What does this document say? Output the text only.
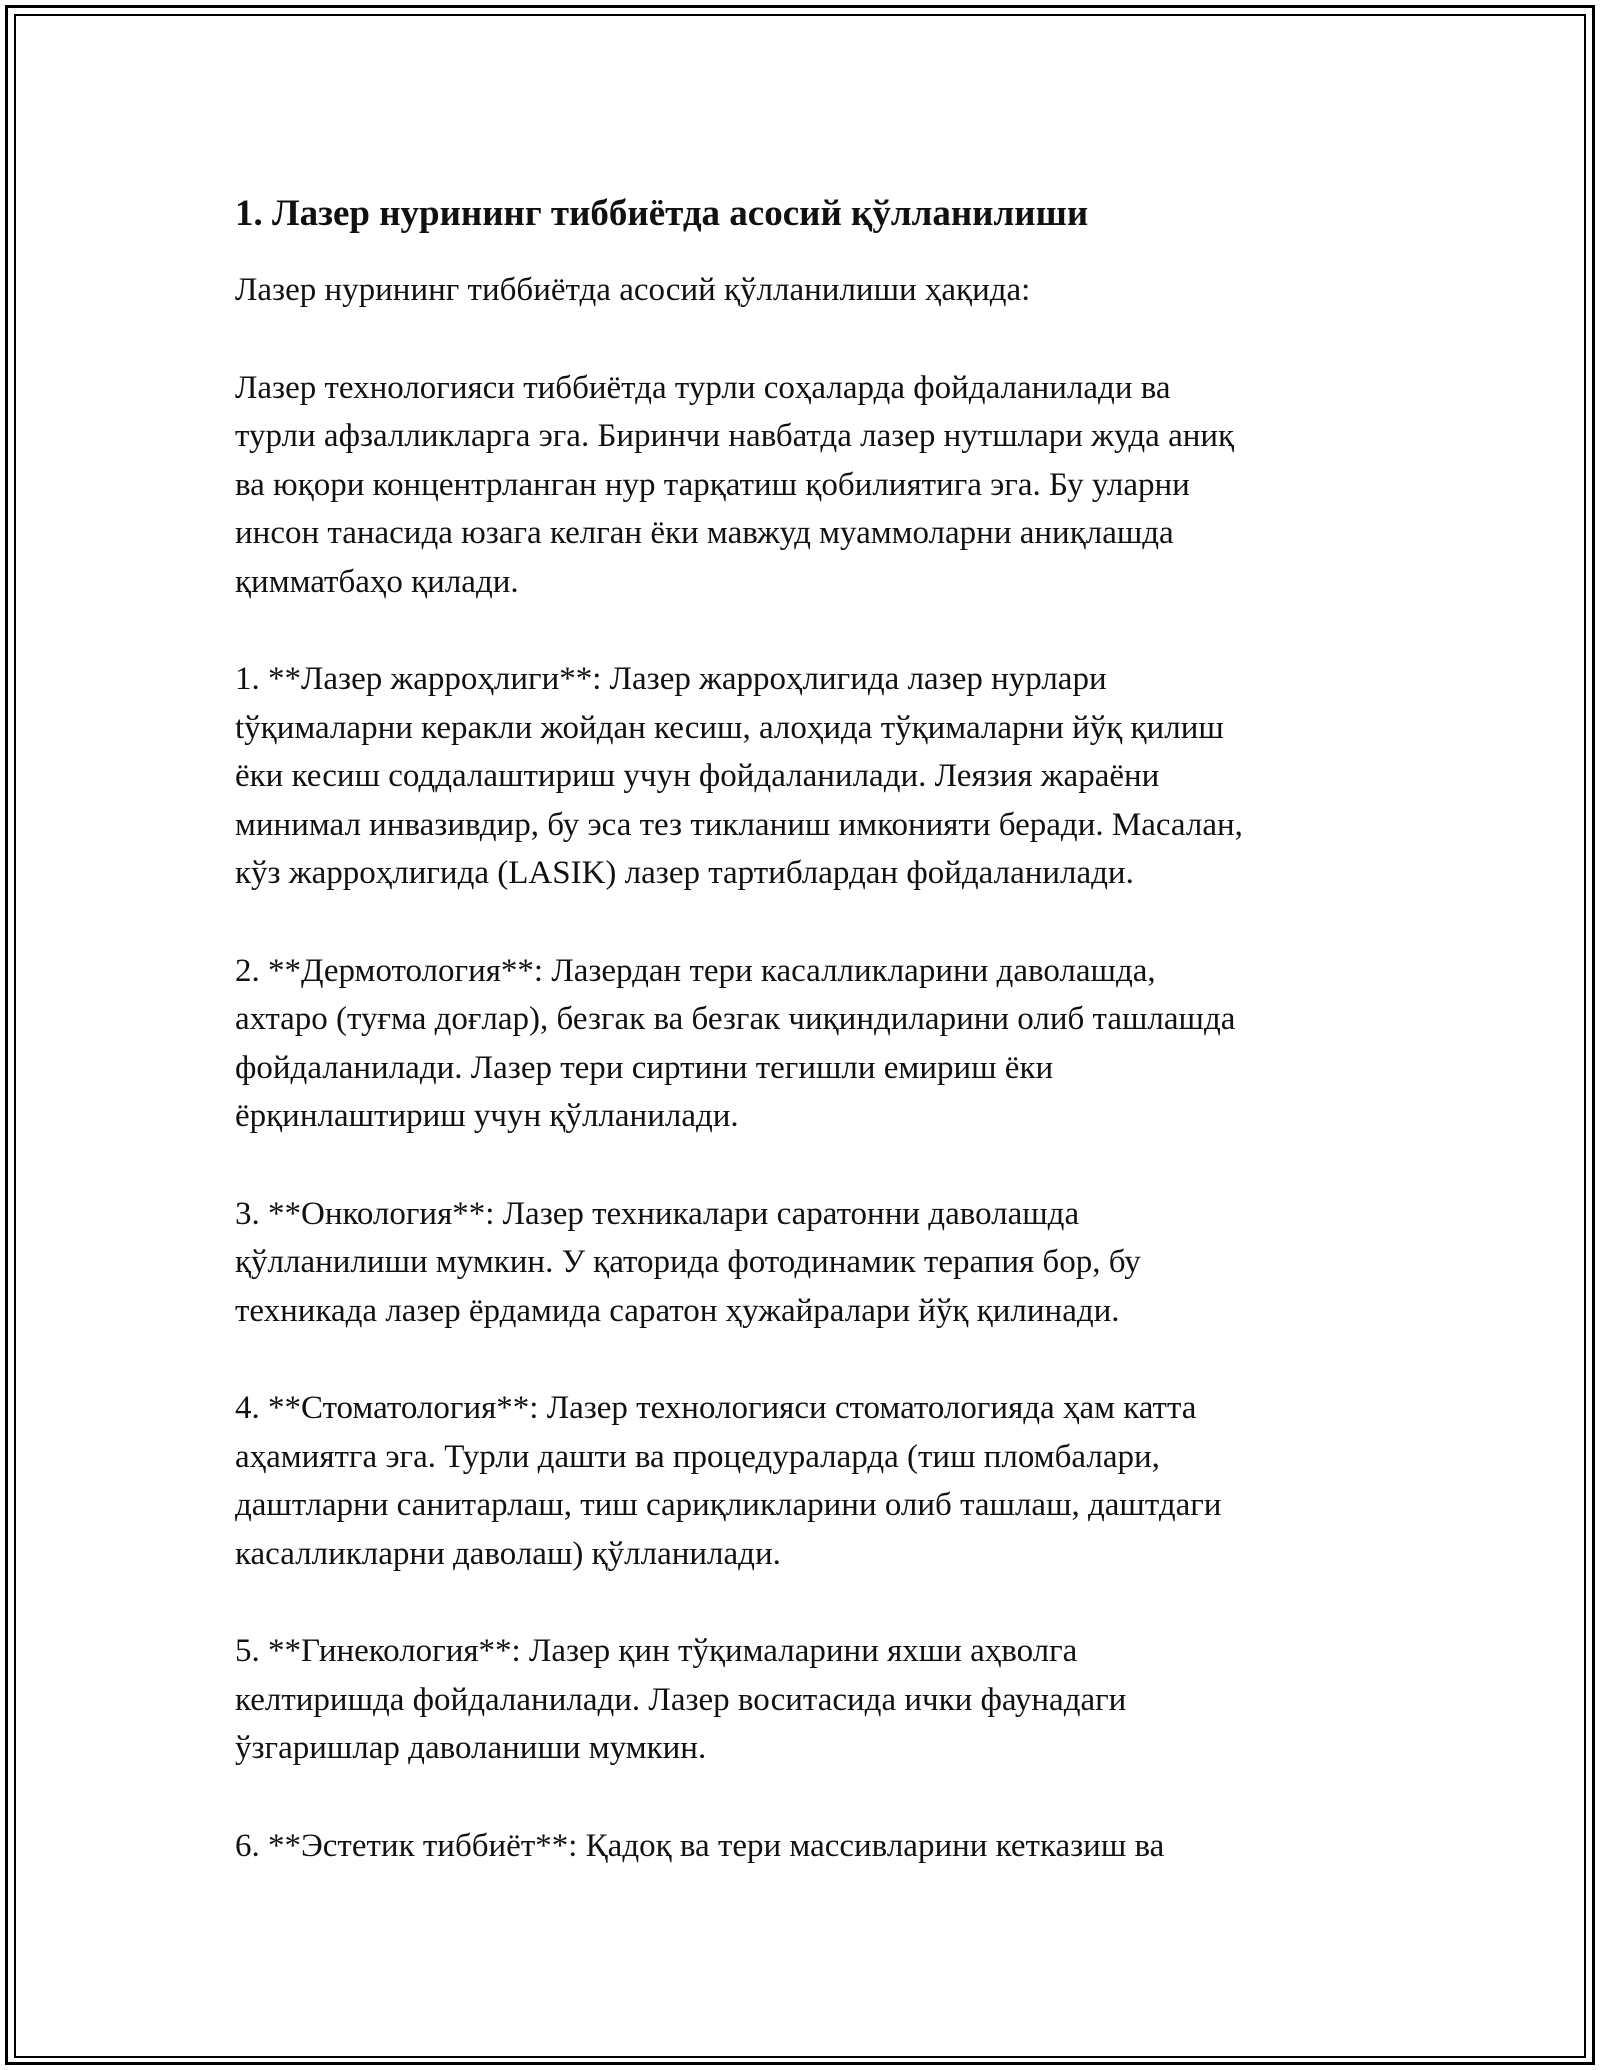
1. Лазер нурининг тиббиётда асосий қўлланилиши
Лазер нурининг тиббиётда асосий қўлланилиши ҳақида:
Лазер технологияси тиббиётда турли соҳаларда фойдаланилади ва
турли афзалликларга эга. Биринчи навбатда лазер нутшлари жуда аниқ
ва юқори концентрланган нур тарқатиш қобилиятига эга. Бу уларни
инсон танасида юзага келган ёки мавжуд муаммоларни аниқлашда
қимматбаҳо қилади.
1. **Лазер жарроҳлиги**: Лазер жарроҳлигида лазер нурлари
tўқималарни керакли жойдан кесиш, алоҳида тўқималарни йўқ қилиш
ёки кесиш соддалаштириш учун фойдаланилади. Леязия жараёни
минимал инвазивдир, бу эса тез тикланиш имконияти беради. Масалан,
кўз жарроҳлигида (LASIK) лазер тартиблардан фойдаланилади.
2. **Дермотология**: Лазердан тери касалликларини даволашда,
ахтаро (туғма доғлар), безгак ва безгак чиқиндиларини олиб ташлашда
фойдаланилади. Лазер тери сиртини тегишли емириш ёки
ёрқинлаштириш учун қўлланилади.
3. **Онкология**: Лазер техникалари саратонни даволашда
қўлланилиши мумкин. У қаторида фотодинамик терапия бор, бу
техникада лазер ёрдамида саратон ҳужайралари йўқ қилинади.
4. **Стоматология**: Лазер технологияси стоматологияда ҳам катта
аҳамиятга эга. Турли дашти ва процедураларда (тиш пломбалари,
даштларни санитарлаш, тиш сариқликларини олиб ташлаш, даштдаги
касалликларни даволаш) қўлланилади.
5. **Гинекология**: Лазер қин тўқималарини яхши аҳволга
келтиришда фойдаланилади. Лазер воситасида ички фаунадаги
ўзгаришлар даволаниши мумкин.
6. **Эстетик тиббиёт**: Қадоқ ва тери массивларини кетказиш ва
